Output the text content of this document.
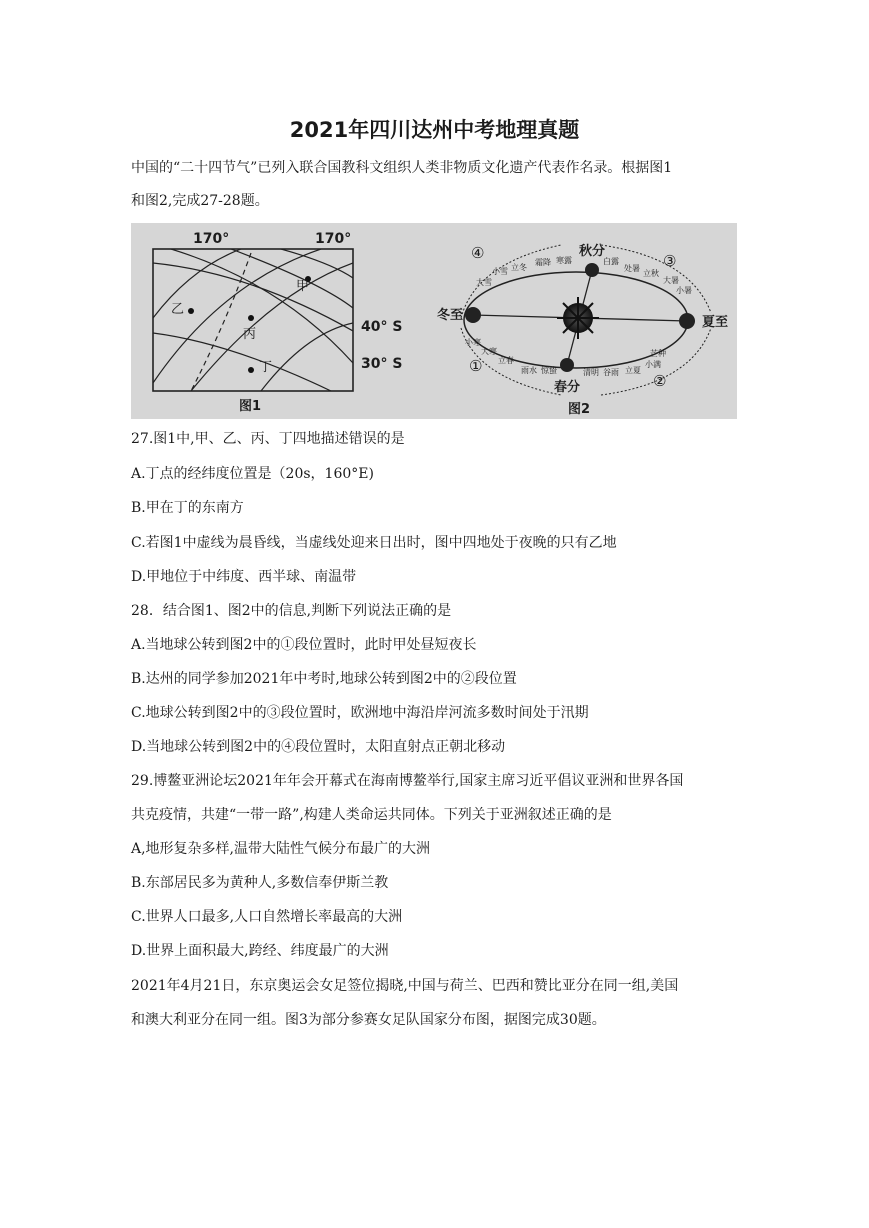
2021年四川达州中考地理真题
中国的“二十四节气”已列入联合国教科文组织人类非物质文化遗产代表作名录。根据图1
和图2,完成27-28题。
甲
乙
丙
丁
170°	170°
40° S
30° S
图1
秋分
春分
冬至	夏至
④	③
①
②
小雪 立冬
霜降 寒露
大雪
白露
处暑
立秋
大暑
小暑
小寒
大寒
立春
雨水 惊蛰	清明 谷雨 立夏
芒种
小满
图2
27.图1中,甲、乙、丙、丁四地描述错误的是
A.丁点的经纬度位置是（20s，160°E)
B.甲在丁的东南方
C.若图1中虚线为晨昏线，当虚线处迎来日出时，图中四地处于夜晚的只有乙地
D.甲地位于中纬度、西半球、南温带
28．结合图1、图2中的信息,判断下列说法正确的是
A.当地球公转到图2中的①段位置时，此时甲处昼短夜长
B.达州的同学参加2021年中考时,地球公转到图2中的②段位置
C.地球公转到图2中的③段位置时，欧洲地中海沿岸河流多数时间处于汛期
D.当地球公转到图2中的④段位置时，太阳直射点正朝北移动
29.博鳌亚洲论坛2021年年会开幕式在海南博鳌举行,国家主席习近平倡议亚洲和世界各国
共克疫情，共建“一带一路”,构建人类命运共同体。下列关于亚洲叙述正确的是
A,地形复杂多样,温带大陆性气候分布最广的大洲
B.东部居民多为黄种人,多数信奉伊斯兰教
C.世界人口最多,人口自然增长率最高的大洲
D.世界上面积最大,跨经、纬度最广的大洲
2021年4月21日，东京奥运会女足签位揭晓,中国与荷兰、巴西和赞比亚分在同一组,美国
和澳大利亚分在同一组。图3为部分参赛女足队国家分布图，据图完成30题。
